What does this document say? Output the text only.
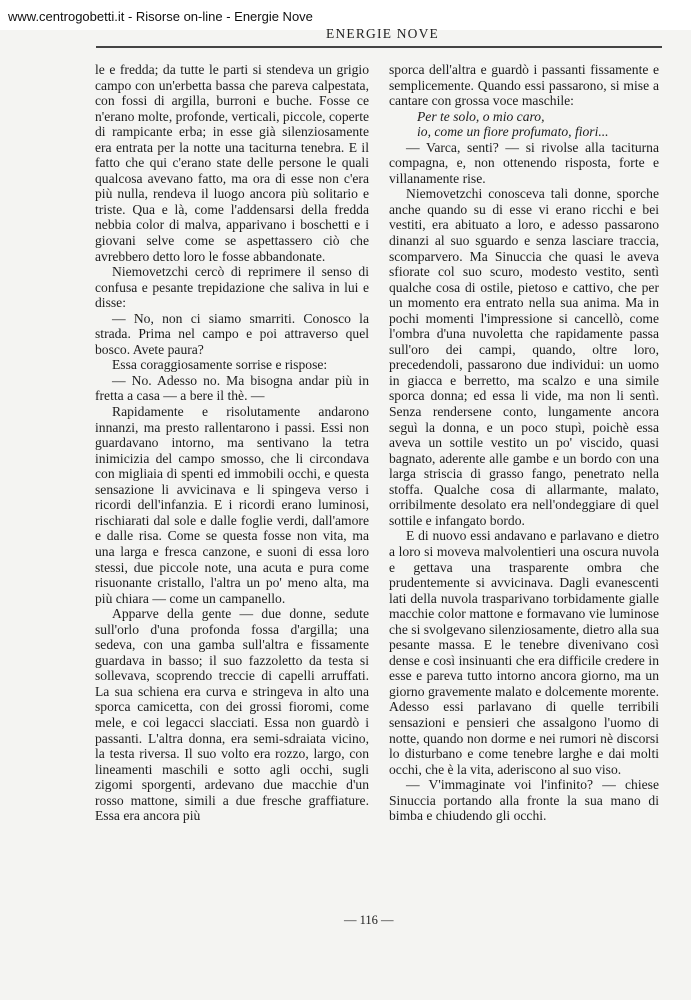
www.centrogobetti.it - Risorse on-line - Energie Nove
ENERGIE NOVE

le e fredda; da tutte le parti si stendeva un grigio campo con un'erbetta bassa che pareva calpestata, con fossi di argilla, burroni e buche. Fosse ce n'erano molte, profonde, verticali, piccole, coperte di rampicante erba; in esse già silenziosamente era entrata per la notte una taciturna tenebra. E il fatto che qui c'erano state delle persone le quali qualcosa avevano fatto, ma ora di esse non c'era più nulla, rendeva il luogo ancora più solitario e triste. Qua e là, come l'addensarsi della fredda nebbia color di malva, apparivano i boschetti e i giovani selve come se aspettassero ciò che avrebbero detto loro le fosse abbandonate.

Niemovetzchi cercò di reprimere il senso di confusa e pesante trepidazione che saliva in lui e disse:

— No, non ci siamo smarriti. Conosco la strada. Prima nel campo e poi attraverso quel bosco. Avete paura?

Essa coraggiosamente sorrise e rispose:

— No. Adesso no. Ma bisogna andar più in fretta a casa — a bere il thè. —

Rapidamente e risolutamente andarono innanzi, ma presto rallentarono i passi. Essi non guardavano intorno, ma sentivano la tetra inimicizia del campo smosso, che li circondava con migliaia di spenti ed immobili occhi, e questa sensazione li avvicinava e li spingeva verso i ricordi dell'infanzia. E i ricordi erano luminosi, rischiarati dal sole e dalle foglie verdi, dall'amore e dalle risa. Come se questa fosse non vita, ma una larga e fresca canzone, e suoni di essa loro stessi, due piccole note, una acuta e pura come risuonante cristallo, l'altra un po' meno alta, ma più chiara — come un campanello.

Apparve della gente — due donne, sedute sull'orlo d'una profonda fossa d'argilla; una sedeva, con una gamba sull'altra e fissamente guardava in basso; il suo fazzoletto da testa si sollevava, scoprendo treccie di capelli arruffati. La sua schiena era curva e stringeva in alto una sporca camicetta, con dei grossi fioromi, come mele, e coi legacci slacciati. Essa non guardò i passanti. L'altra donna, era semi-sdraiata vicino, la testa riversa. Il suo volto era rozzo, largo, con lineamenti maschili e sotto agli occhi, sugli zigomi sporgenti, ardevano due macchie d'un rosso mattone, simili a due fresche graffiature. Essa era ancora più

sporca dell'altra e guardò i passanti fissamente e semplicemente. Quando essi passarono, si mise a cantare con grossa voce maschile:

Per te solo, o mio caro,

io, come un fiore profumato, fiori...

— Varca, senti? — si rivolse alla taciturna compagna, e, non ottenendo risposta, forte e villanamente rise.

Niemovetzchi conosceva tali donne, sporche anche quando su di esse vi erano ricchi e bei vestiti, era abituato a loro, e adesso passarono dinanzi al suo sguardo e senza lasciare traccia, scomparvero. Ma Sinuccia che quasi le aveva sfiorate col suo scuro, modesto vestito, sentì qualche cosa di ostile, pietoso e cattivo, che per un momento era entrato nella sua anima. Ma in pochi momenti l'impressione si cancellò, come l'ombra d'una nuvoletta che rapidamente passa sull'oro dei campi, quando, oltre loro, precedendoli, passarono due individui: un uomo in giacca e berretto, ma scalzo e una simile sporca donna; ed essa li vide, ma non li sentì. Senza rendersene conto, lungamente ancora seguì la donna, e un poco stupì, poichè essa aveva un sottile vestito un po' viscido, quasi bagnato, aderente alle gambe e un bordo con una larga striscia di grasso fango, penetrato nella stoffa. Qualche cosa di allarmante, malato, orribilmente desolato era nell'ondeggiare di quel sottile e infangato bordo.

E di nuovo essi andavano e parlavano e dietro a loro si moveva malvolentieri una oscura nuvola e gettava una trasparente ombra che prudentemente si avvicinava. Dagli evanescenti lati della nuvola trasparivano torbidamente gialle macchie color mattone e formavano vie luminose che si svolgevano silenziosamente, dietro alla sua pesante massa. E le tenebre divenivano così dense e così insinuanti che era difficile credere in esse e pareva tutto intorno ancora giorno, ma un giorno gravemente malato e dolcemente morente. Adesso essi parlavano di quelle terribili sensazioni e pensieri che assalgono l'uomo di notte, quando non dorme e nei rumori nè discorsi lo disturbano e come tenebre larghe e dai molti occhi, che è la vita, aderiscono al suo viso.

— V'immaginate voi l'infinito? — chiese Sinuccia portando alla fronte la sua mano di bimba e chiudendo gli occhi.

— 116 —
